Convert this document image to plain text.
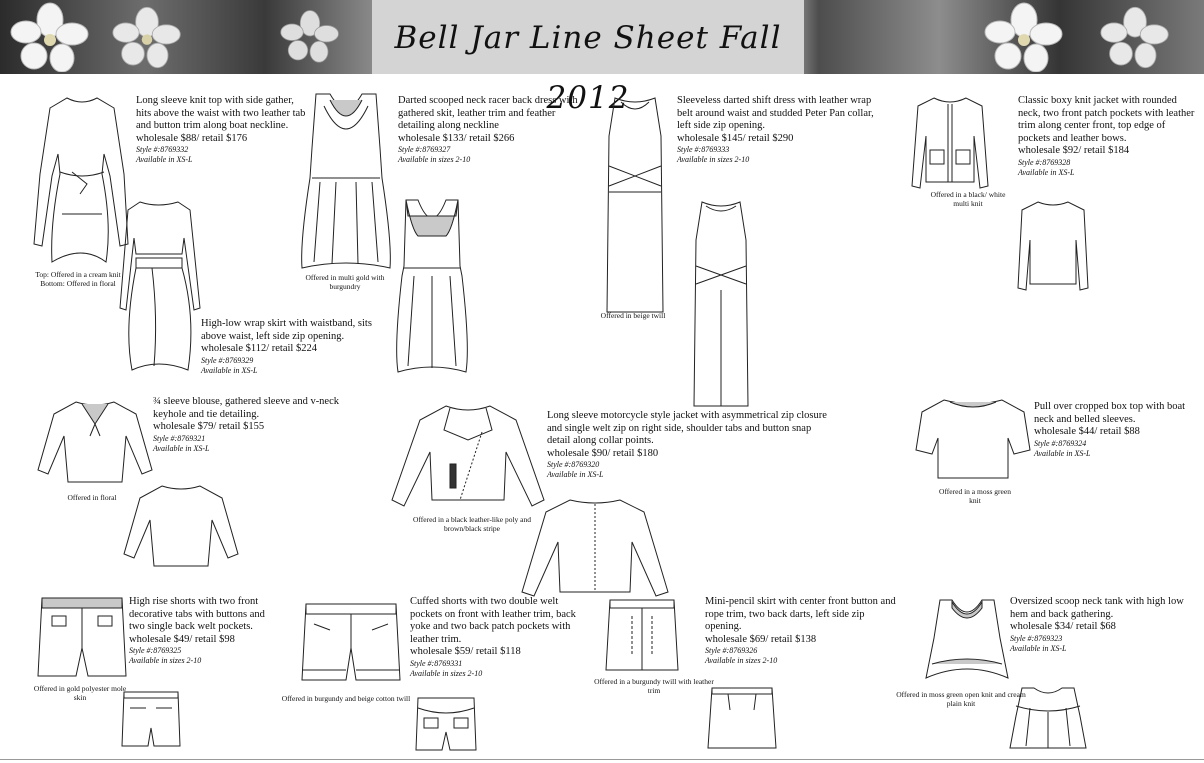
Bell Jar Line Sheet Fall 2012
Long sleeve knit top with side gather, hits above the waist with two leather tab and button trim along boat neckline.
wholesale $88/ retail $176
Style #:8769332
Available in XS-L
Darted scooped neck racer back dress with gathered skit, leather trim and feather detailing along neckline
wholesale $133/ retail $266
Style #:8769327
Available in sizes 2-10
Sleeveless darted shift dress with leather wrap belt around waist and studded Peter Pan collar, left side zip opening.
wholesale $145/ retail $290
Style #:8769333
Available in sizes 2-10
Classic boxy knit jacket with rounded neck, two front patch pockets with leather trim along center front, top edge of pockets and leather bows.
wholesale $92/ retail $184
Style #:8769328
Available in XS-L
High-low wrap skirt with waistband, sits above waist, left side zip opening.
wholesale $112/ retail $224
Style #:8769329
Available in XS-L
¾ sleeve blouse, gathered sleeve and v-neck keyhole and tie detailing.
wholesale $79/ retail $155
Style #:8769321
Available in XS-L
Long sleeve motorcycle style jacket with asymmetrical zip closure and single welt zip on right side, shoulder tabs and button snap detail along collar points.
wholesale $90/ retail $180
Style #:8769320
Available in XS-L
Pull over cropped box top with boat neck and belled sleeves.
wholesale $44/ retail $88
Style #:8769324
Available in XS-L
High rise shorts with two front decorative tabs with buttons and two single back welt pockets.
wholesale $49/ retail $98
Style #:8769325
Available in sizes 2-10
Cuffed shorts with two double welt pockets on front with leather trim, back yoke and two back patch pockets with leather trim.
wholesale $59/ retail $118
Style #:8769331
Available in sizes 2-10
Mini-pencil skirt with center front button and rope trim, two back darts, left side zip opening.
wholesale $69/ retail $138
Style #:8769326
Available in sizes 2-10
Oversized scoop neck tank with high low hem and back gathering.
wholesale $34/ retail $68
Style #:8769323
Available in XS-L
Top: Offered in a cream knit
Bottom: Offered in floral
Offered in multi gold with burgundry
Offered in beige twill
Offered in a black/ white multi knit
Offered in floral
Offered in a black leather-like poly and brown/black stripe
Offered in a moss green knit
Offered in gold polyester mole skin	Offered in burgundy and beige cotton twill
Offered in a burgundy twill with leather trim	Offered in moss green open knit and cream plain knit
